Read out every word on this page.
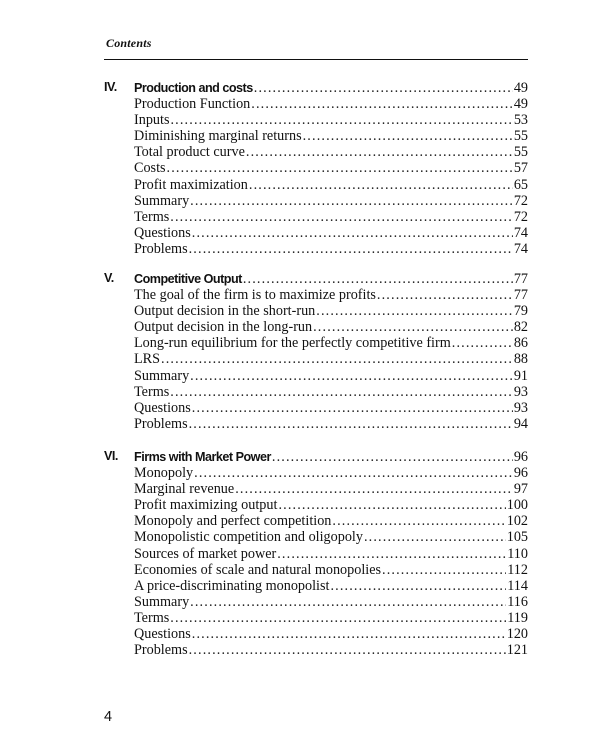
Contents
IV. Production and costs . . .	49
Production Function . . .	49
Inputs . . .	53
Diminishing marginal returns . . .	55
Total product curve . . .	55
Costs . . .	57
Profit maximization . . .	65
Summary . . .	72
Terms . . .	72
Questions . . .	74
Problems . . .	74
V. Competitive Output . . .	77
The goal of the firm is to maximize profits . . .	77
Output decision in the short-run . . .	79
Output decision in the long-run . . .	82
Long-run equilibrium for the perfectly competitive firm . . .	86
LRS . . .	88
Summary . . .	91
Terms . . .	93
Questions . . .	93
Problems . . .	94
VI. Firms with Market Power . . .	96
Monopoly . . .	96
Marginal revenue . . .	97
Profit maximizing output . . .	100
Monopoly and perfect competition . . .	102
Monopolistic competition and oligopoly . . .	105
Sources of market power . . .	110
Economies of scale and natural monopolies . . .	112
A price-discriminating monopolist . . .	114
Summary . . .	116
Terms . . .	119
Questions . . .	120
Problems . . .	121
4
